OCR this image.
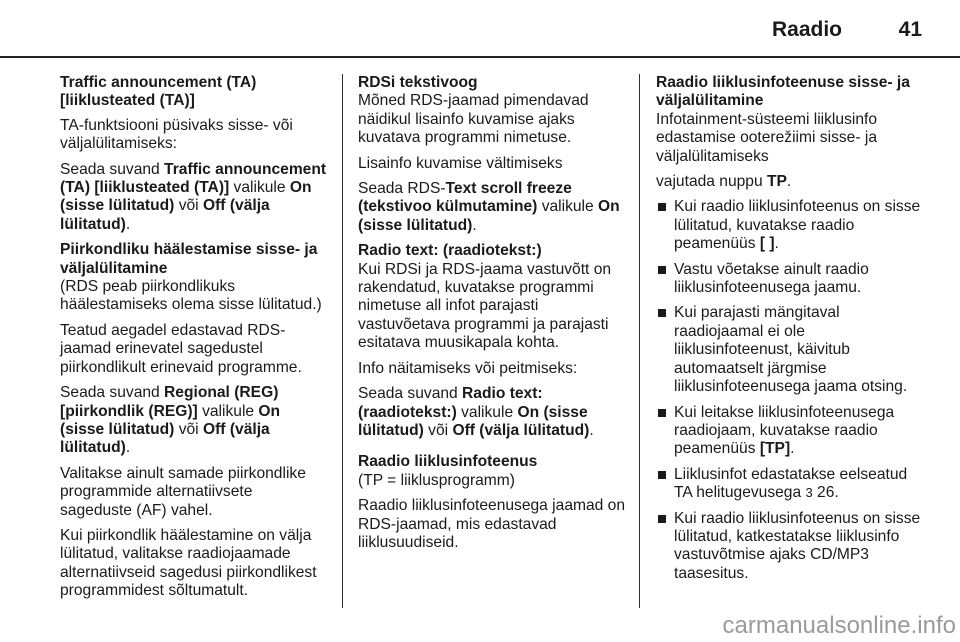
Raadio	41

Traffic announcement (TA) [liiklusteated (TA)]

TA-funktsiooni püsivaks sisse- või väljalülitamiseks:

Seada suvand Traffic announcement (TA) [liiklusteated (TA)] valikule On (sisse lülitatud) või Off (välja lülitatud).

Piirkondliku häälestamise sisse- ja väljalülitamine

(RDS peab piirkondlikuks häälestamiseks olema sisse lülitatud.)

Teatud aegadel edastavad RDS-jaamad erinevatel sagedustel piirkondlikult erinevaid programme.

Seada suvand Regional (REG) [piirkondlik (REG)] valikule On (sisse lülitatud) või Off (välja lülitatud).

Valitakse ainult samade piirkondlike programmide alternatiivsete sageduste (AF) vahel.

Kui piirkondlik häälestamine on välja lülitatud, valitakse raadiojaamade alternatiivseid sagedusi piirkondlikest programmidest sõltumatult.

RDSi tekstivoog

Mõned RDS-jaamad pimendavad näidikul lisainfo kuvamise ajaks kuvatava programmi nimetuse.

Lisainfo kuvamise vältimiseks

Seada RDS-Text scroll freeze (tekstivoo külmutamine) valikule On (sisse lülitatud).

Radio text: (raadiotekst:)

Kui RDSi ja RDS-jaama vastuvõtt on rakendatud, kuvatakse programmi nimetuse all infot parajasti vastuvõetava programmi ja parajasti esitatava muusikapala kohta.

Info näitamiseks või peitmiseks:

Seada suvand Radio text: (raadiotekst:) valikule On (sisse lülitatud) või Off (välja lülitatud).

Raadio liiklusinfoteenus

(TP = liiklusprogramm)

Raadio liiklusinfoteenusega jaamad on RDS-jaamad, mis edastavad liiklusuudiseid.

Raadio liiklusinfoteenuse sisse- ja väljalülitamine

Infotainment-süsteemi liiklusinfo edastamise ooterežiimi sisse- ja väljalülitamiseks

vajutada nuppu TP.

Kui raadio liiklusinfoteenus on sisse lülitatud, kuvatakse raadio peamenüüs [ ].
Vastu võetakse ainult raadio liiklusinfoteenusega jaamu.
Kui parajasti mängitaval raadiojaamal ei ole liiklusinfoteenust, käivitub automaatselt järgmise liiklusinfoteenusega jaama otsing.
Kui leitakse liiklusinfoteenusega raadiojaam, kuvatakse raadio peamenüüs [TP].
Liiklusinfot edastatakse eelseatud TA helitugevusega 3 26.
Kui raadio liiklusinfoteenus on sisse lülitatud, katkestatakse liiklusinfo vastuvõtmise ajaks CD/MP3 taasesitus.
carmanualsonline.info
